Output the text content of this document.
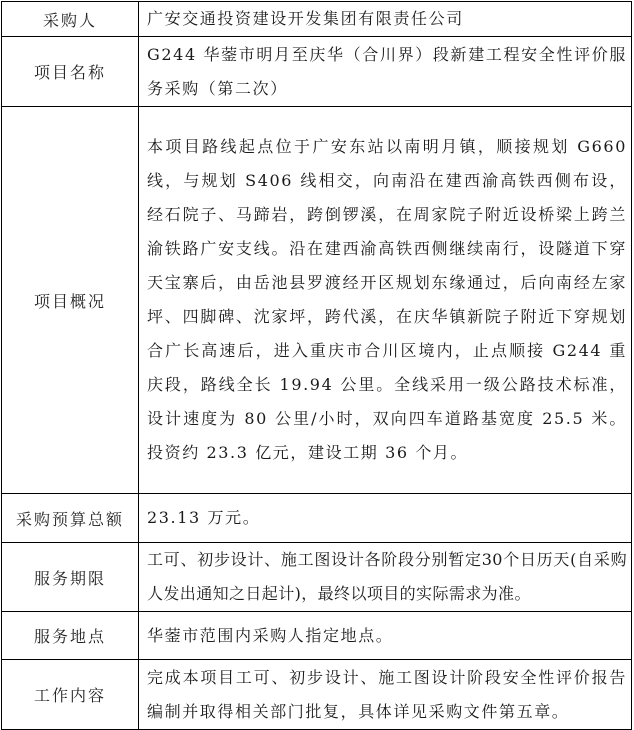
采购人	广安交通投资建设开发集团有限责任公司
项目名称	G244 华蓥市明月至庆华（合川界）段新建工程安全性评价服务采购（第二次）
项目概况	本项目路线起点位于广安东站以南明月镇，顺接规划 G660 线，与规划 S406 线相交，向南沿在建西渝高铁西侧布设，经石院子、马蹄岩，跨倒锣溪，在周家院子附近设桥梁上跨兰渝铁路广安支线。沿在建西渝高铁西侧继续南行，设隧道下穿天宝寨后，由岳池县罗渡经开区规划东缘通过，后向南经左家坪、四脚碑、沈家坪，跨代溪，在庆华镇新院子附近下穿规划合广长高速后，进入重庆市合川区境内，止点顺接 G244 重庆段，路线全长 19.94 公里。全线采用一级公路技术标准，设计速度为 80 公里/小时，双向四车道路基宽度 25.5 米。投资约 23.3 亿元，建设工期 36 个月。
采购预算总额	23.13 万元。
服务期限	工可、初步设计、施工图设计各阶段分别暂定30个日历天(自采购人发出通知之日起计)，最终以项目的实际需求为准。
服务地点	华蓥市范围内采购人指定地点。
工作内容	完成本项目工可、初步设计、施工图设计阶段安全性评价报告编制并取得相关部门批复，具体详见采购文件第五章。
